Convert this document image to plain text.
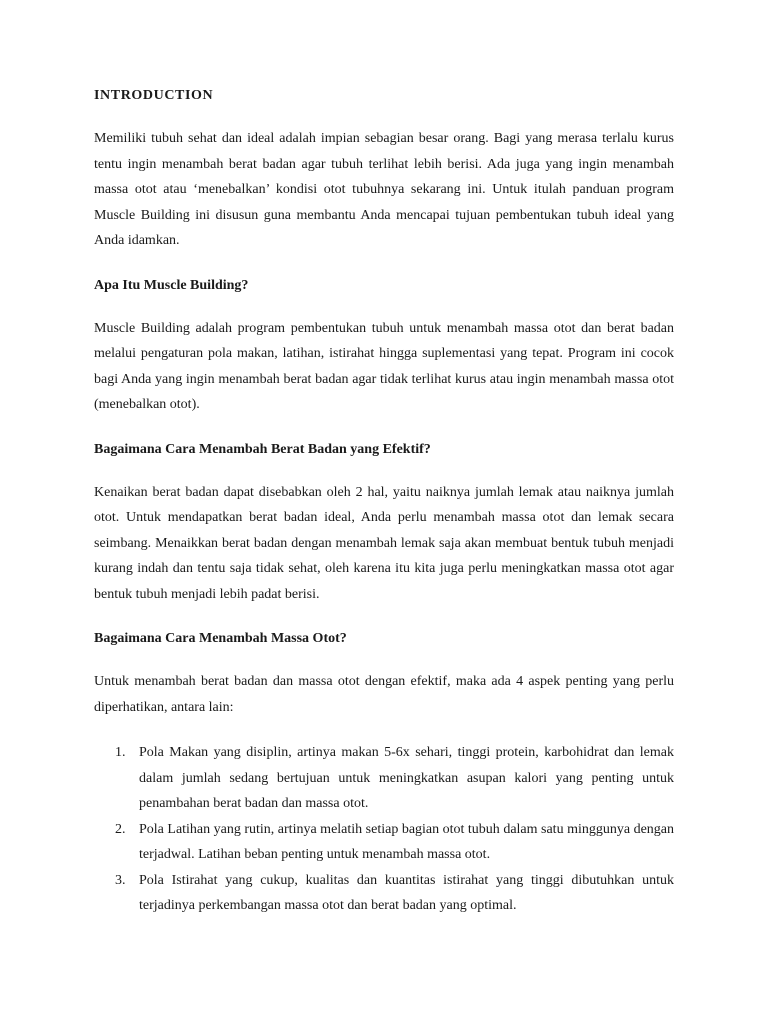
INTRODUCTION

Memiliki tubuh sehat dan ideal adalah impian sebagian besar orang. Bagi yang merasa terlalu kurus tentu ingin menambah berat badan agar tubuh terlihat lebih berisi. Ada juga yang ingin menambah massa otot atau ‘menebalkan’ kondisi otot tubuhnya sekarang ini. Untuk itulah panduan program Muscle Building ini disusun guna membantu Anda mencapai tujuan pembentukan tubuh ideal yang Anda idamkan.

Apa Itu Muscle Building?

Muscle Building adalah program pembentukan tubuh untuk menambah massa otot dan berat badan melalui pengaturan pola makan, latihan, istirahat hingga suplementasi yang tepat. Program ini cocok bagi Anda yang ingin menambah berat badan agar tidak terlihat kurus atau ingin menambah massa otot (menebalkan otot).

Bagaimana Cara Menambah Berat Badan yang Efektif?

Kenaikan berat badan dapat disebabkan oleh 2 hal, yaitu naiknya jumlah lemak atau naiknya jumlah otot. Untuk mendapatkan berat badan ideal, Anda perlu menambah massa otot dan lemak secara seimbang. Menaikkan berat badan dengan menambah lemak saja akan membuat bentuk tubuh menjadi kurang indah dan tentu saja tidak sehat, oleh karena itu kita juga perlu meningkatkan massa otot agar bentuk tubuh menjadi lebih padat berisi.

Bagaimana Cara Menambah Massa Otot?

Untuk menambah berat badan dan massa otot dengan efektif, maka ada 4 aspek penting yang perlu diperhatikan, antara lain:

1. Pola Makan yang disiplin, artinya makan 5-6x sehari, tinggi protein, karbohidrat dan lemak dalam jumlah sedang bertujuan untuk meningkatkan asupan kalori yang penting untuk penambahan berat badan dan massa otot.
2. Pola Latihan yang rutin, artinya melatih setiap bagian otot tubuh dalam satu minggunya dengan terjadwal. Latihan beban penting untuk menambah massa otot.
3. Pola Istirahat yang cukup, kualitas dan kuantitas istirahat yang tinggi dibutuhkan untuk terjadinya perkembangan massa otot dan berat badan yang optimal.
